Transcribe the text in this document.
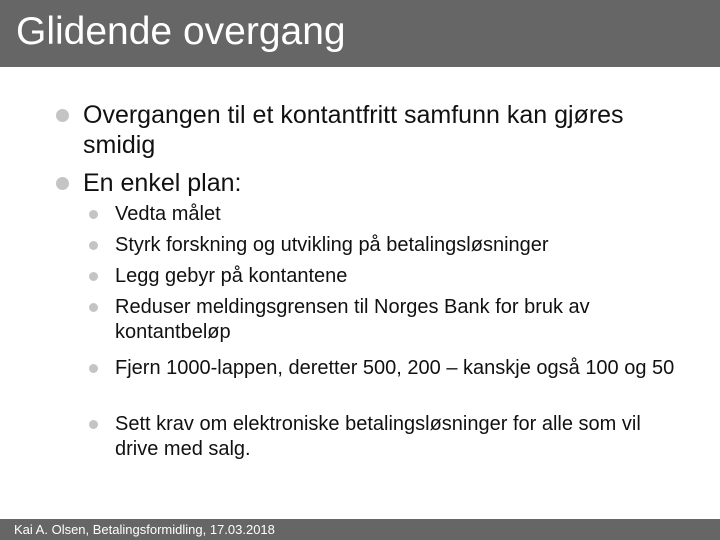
Glidende overgang
Overgangen til et kontantfritt samfunn kan gjøres smidig
En enkel plan:
Vedta målet
Styrk forskning og utvikling på betalingsløsninger
Legg gebyr på kontantene
Reduser meldingsgrensen til Norges Bank for bruk av kontantbeløp
Fjern 1000-lappen, deretter 500, 200 – kanskje også 100 og 50
Sett krav om elektroniske betalingsløsninger for alle som vil drive med salg.
Kai A. Olsen, Betalingsformidling, 17.03.2018
